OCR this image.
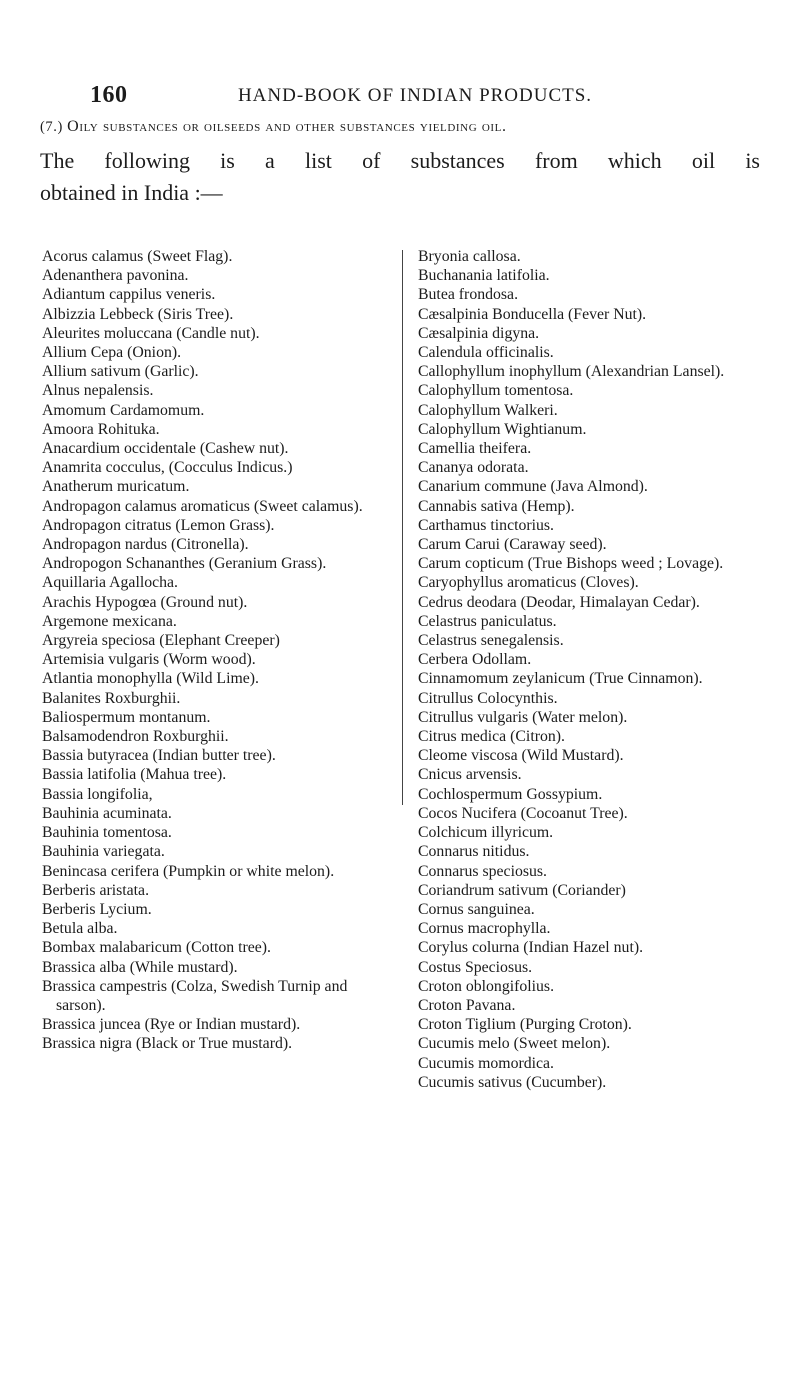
160	HAND-BOOK OF INDIAN PRODUCTS.
(7.) Oily substances or oilseeds and other substances yielding oil.
The following is a list of substances from which oil is
obtained in India :—
Acorus calamus (Sweet Flag).
Adenanthera pavonina.
Adiantum cappilus veneris.
Albizzia Lebbeck (Siris Tree).
Aleurites moluccana (Candle nut).
Allium Cepa (Onion).
Allium sativum (Garlic).
Alnus nepalensis.
Amomum Cardamomum.
Amoora Rohituka.
Anacardium occidentale (Cashew nut).
Anamrita cocculus, (Cocculus Indicus.)
Anatherum muricatum.
Andropagon calamus aromaticus (Sweet calamus).
Andropagon citratus (Lemon Grass).
Andropagon nardus (Citronella).
Andropogon Schananthes (Geranium Grass).
Aquillaria Agallocha.
Arachis Hypogœa (Ground nut).
Argemone mexicana.
Argyreia speciosa (Elephant Creeper)
Artemisia vulgaris (Worm wood).
Atlantia monophylla (Wild Lime).
Balanites Roxburghii.
Baliospermum montanum.
Balsamodendron Roxburghii.
Bassia butyracea (Indian butter tree).
Bassia latifolia (Mahua tree).
Bassia longifolia,
Bauhinia acuminata.
Bauhinia tomentosa.
Bauhinia variegata.
Benincasa cerifera (Pumpkin or white melon).
Berberis aristata.
Berberis Lycium.
Betula alba.
Bombax malabaricum (Cotton tree).
Brassica alba (While mustard).
Brassica campestris (Colza, Swedish Turnip and sarson).
Brassica juncea (Rye or Indian mustard).
Brassica nigra (Black or True mustard).
Bryonia callosa.
Buchanania latifolia.
Butea frondosa.
Cæsalpinia Bonducella (Fever Nut).
Cæsalpinia digyna.
Calendula officinalis.
Callophyllum inophyllum (Alexandrian Lansel).
Calophyllum tomentosa.
Calophyllum Walkeri.
Calophyllum Wightianum.
Camellia theifera.
Cananya odorata.
Canarium commune (Java Almond).
Cannabis sativa (Hemp).
Carthamus tinctorius.
Carum Carui (Caraway seed).
Carum copticum (True Bishops weed ; Lovage).
Caryophyllus aromaticus (Cloves).
Cedrus deodara (Deodar, Himalayan Cedar).
Celastrus paniculatus.
Celastrus senegalensis.
Cerbera Odollam.
Cinnamomum zeylanicum (True Cinnamon).
Citrullus Colocynthis.
Citrullus vulgaris (Water melon).
Citrus medica (Citron).
Cleome viscosa (Wild Mustard).
Cnicus arvensis.
Cochlospermum Gossypium.
Cocos Nucifera (Cocoanut Tree).
Colchicum illyricum.
Connarus nitidus.
Connarus speciosus.
Coriandrum sativum (Coriander)
Cornus sanguinea.
Cornus macrophylla.
Corylus colurna (Indian Hazel nut).
Costus Speciosus.
Croton oblongifolius.
Croton Pavana.
Croton Tiglium (Purging Croton).
Cucumis melo (Sweet melon).
Cucumis momordica.
Cucumis sativus (Cucumber).
